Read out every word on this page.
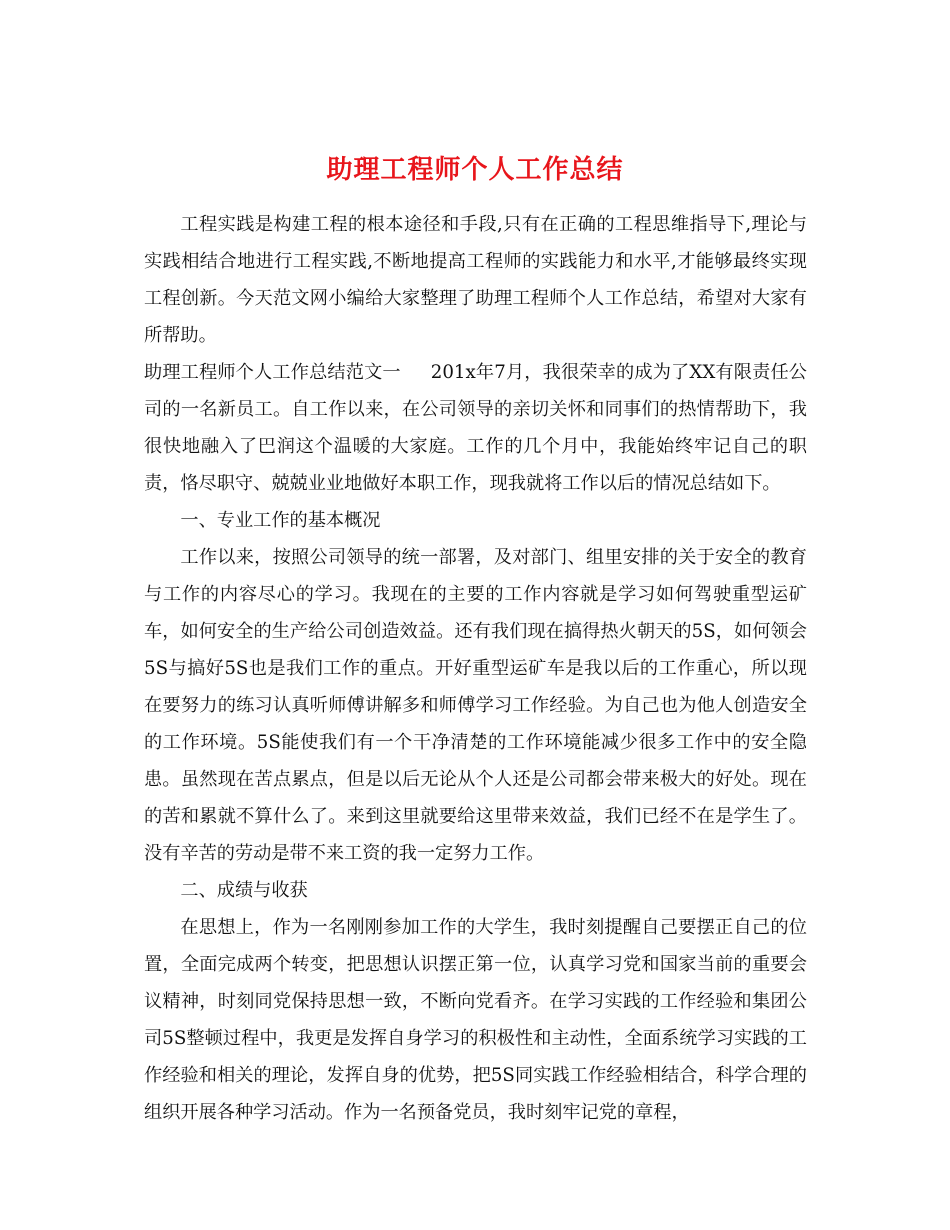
助理工程师个人工作总结

工程实践是构建工程的根本途径和手段,只有在正确的工程思维指导下,理论与实践相结合地进行工程实践,不断地提高工程师的实践能力和水平,才能够最终实现工程创新。今天范文网小编给大家整理了助理工程师个人工作总结，希望对大家有所帮助。

助理工程师个人工作总结范文一 201x年7月，我很荣幸的成为了XX有限责任公司的一名新员工。自工作以来，在公司领导的亲切关怀和同事们的热情帮助下，我很快地融入了巴润这个温暖的大家庭。工作的几个月中，我能始终牢记自己的职责，恪尽职守、兢兢业业地做好本职工作，现我就将工作以后的情况总结如下。

一、专业工作的基本概况

工作以来，按照公司领导的统一部署，及对部门、组里安排的关于安全的教育与工作的内容尽心的学习。我现在的主要的工作内容就是学习如何驾驶重型运矿车，如何安全的生产给公司创造效益。还有我们现在搞得热火朝天的5S，如何领会5S与搞好5S也是我们工作的重点。开好重型运矿车是我以后的工作重心，所以现在要努力的练习认真听师傅讲解多和师傅学习工作经验。为自己也为他人创造安全的工作环境。5S能使我们有一个干净清楚的工作环境能减少很多工作中的安全隐患。虽然现在苦点累点，但是以后无论从个人还是公司都会带来极大的好处。现在的苦和累就不算什么了。来到这里就要给这里带来效益，我们已经不在是学生了。没有辛苦的劳动是带不来工资的我一定努力工作。

二、成绩与收获

在思想上，作为一名刚刚参加工作的大学生，我时刻提醒自己要摆正自己的位置，全面完成两个转变，把思想认识摆正第一位，认真学习党和国家当前的重要会议精神，时刻同党保持思想一致，不断向党看齐。在学习实践的工作经验和集团公司5S整顿过程中，我更是发挥自身学习的积极性和主动性，全面系统学习实践的工作经验和相关的理论，发挥自身的优势，把5S同实践工作经验相结合，科学合理的组织开展各种学习活动。作为一名预备党员，我时刻牢记党的章程，
